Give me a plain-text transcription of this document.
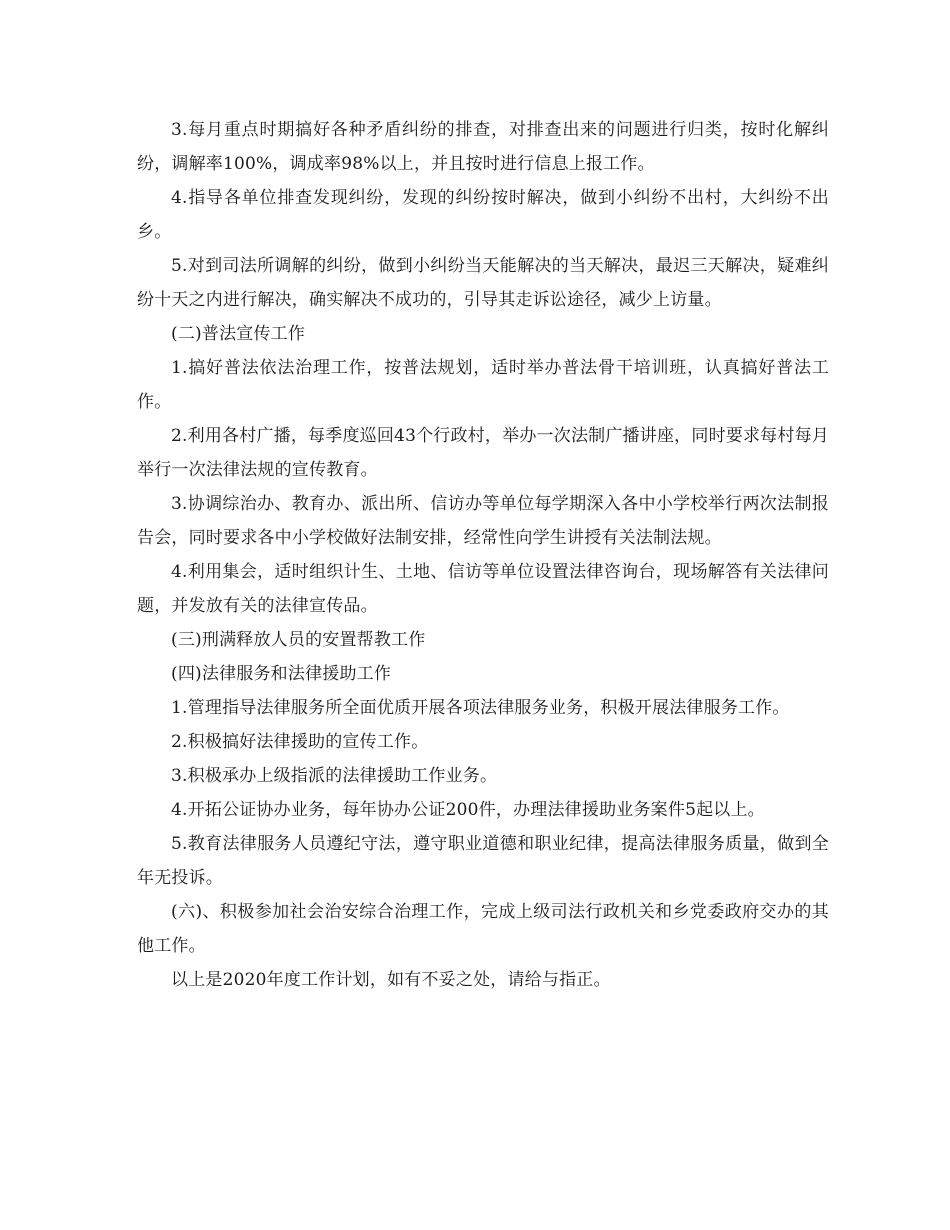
3.每月重点时期搞好各种矛盾纠纷的排查，对排查出来的问题进行归类，按时化解纠纷，调解率100%，调成率98%以上，并且按时进行信息上报工作。

4.指导各单位排查发现纠纷，发现的纠纷按时解决，做到小纠纷不出村，大纠纷不出乡。

5.对到司法所调解的纠纷，做到小纠纷当天能解决的当天解决，最迟三天解决，疑难纠纷十天之内进行解决，确实解决不成功的，引导其走诉讼途径，减少上访量。

(二)普法宣传工作

1.搞好普法依法治理工作，按普法规划，适时举办普法骨干培训班，认真搞好普法工作。

2.利用各村广播，每季度巡回43个行政村，举办一次法制广播讲座，同时要求每村每月举行一次法律法规的宣传教育。

3.协调综治办、教育办、派出所、信访办等单位每学期深入各中小学校举行两次法制报告会，同时要求各中小学校做好法制安排，经常性向学生讲授有关法制法规。

4.利用集会，适时组织计生、土地、信访等单位设置法律咨询台，现场解答有关法律问题，并发放有关的法律宣传品。

(三)刑满释放人员的安置帮教工作

(四)法律服务和法律援助工作

1.管理指导法律服务所全面优质开展各项法律服务业务，积极开展法律服务工作。

2.积极搞好法律援助的宣传工作。

3.积极承办上级指派的法律援助工作业务。

4.开拓公证协办业务，每年协办公证200件，办理法律援助业务案件5起以上。

5.教育法律服务人员遵纪守法，遵守职业道德和职业纪律，提高法律服务质量，做到全年无投诉。

(六)、积极参加社会治安综合治理工作，完成上级司法行政机关和乡党委政府交办的其他工作。

以上是2020年度工作计划，如有不妥之处，请给与指正。
